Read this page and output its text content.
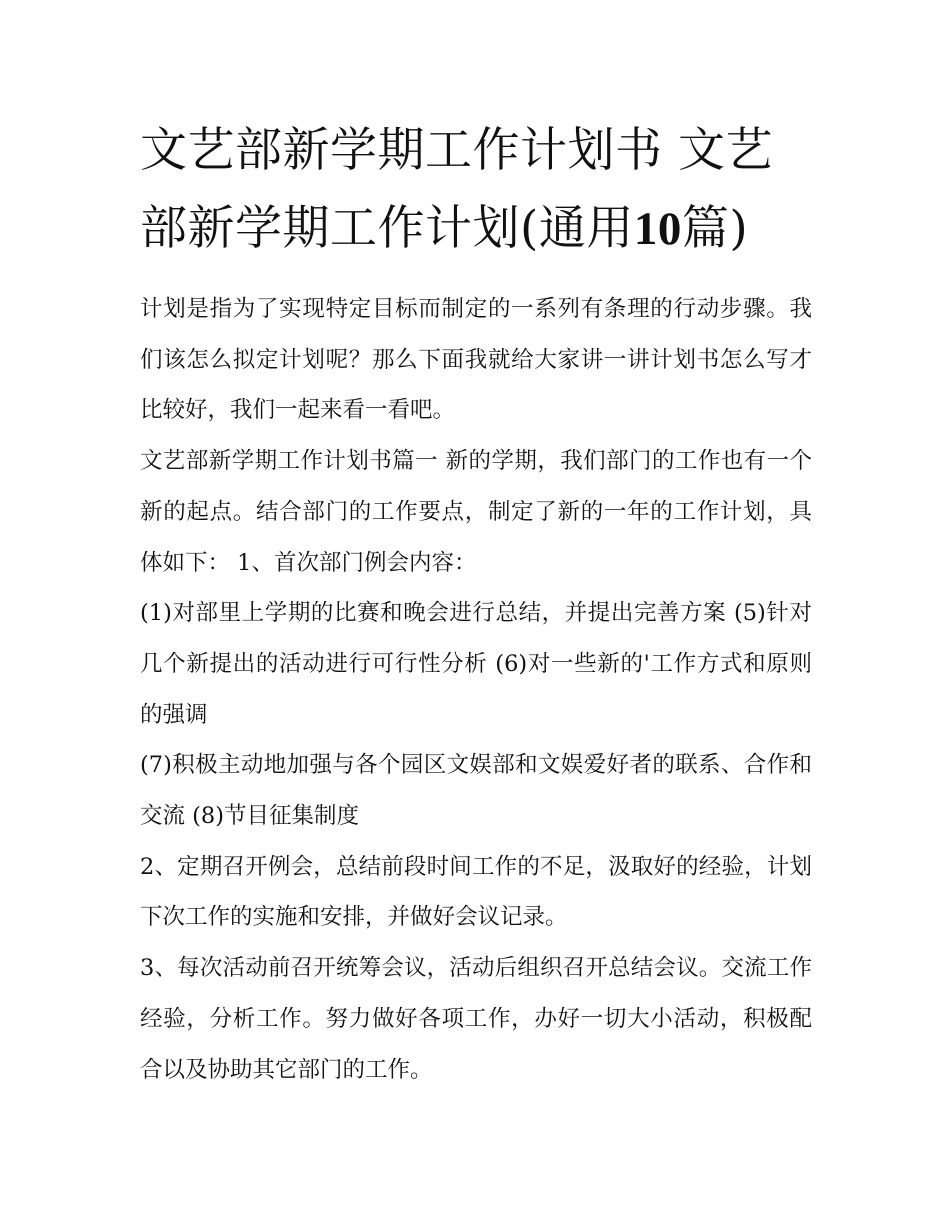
文艺部新学期工作计划书 文艺部新学期工作计划(通用10篇)

计划是指为了实现特定目标而制定的一系列有条理的行动步骤。我们该怎么拟定计划呢？那么下面我就给大家讲一讲计划书怎么写才比较好，我们一起来看一看吧。

文艺部新学期工作计划书篇一 新的学期，我们部门的工作也有一个新的起点。结合部门的工作要点，制定了新的一年的工作计划，具体如下： 1、首次部门例会内容：

(1)对部里上学期的比赛和晚会进行总结，并提出完善方案 (5)针对几个新提出的活动进行可行性分析 (6)对一些新的'工作方式和原则的强调

(7)积极主动地加强与各个园区文娱部和文娱爱好者的联系、合作和交流 (8)节目征集制度

2、定期召开例会，总结前段时间工作的不足，汲取好的经验，计划下次工作的实施和安排，并做好会议记录。

3、每次活动前召开统筹会议，活动后组织召开总结会议。交流工作经验，分析工作。努力做好各项工作，办好一切大小活动，积极配合以及协助其它部门的工作。
